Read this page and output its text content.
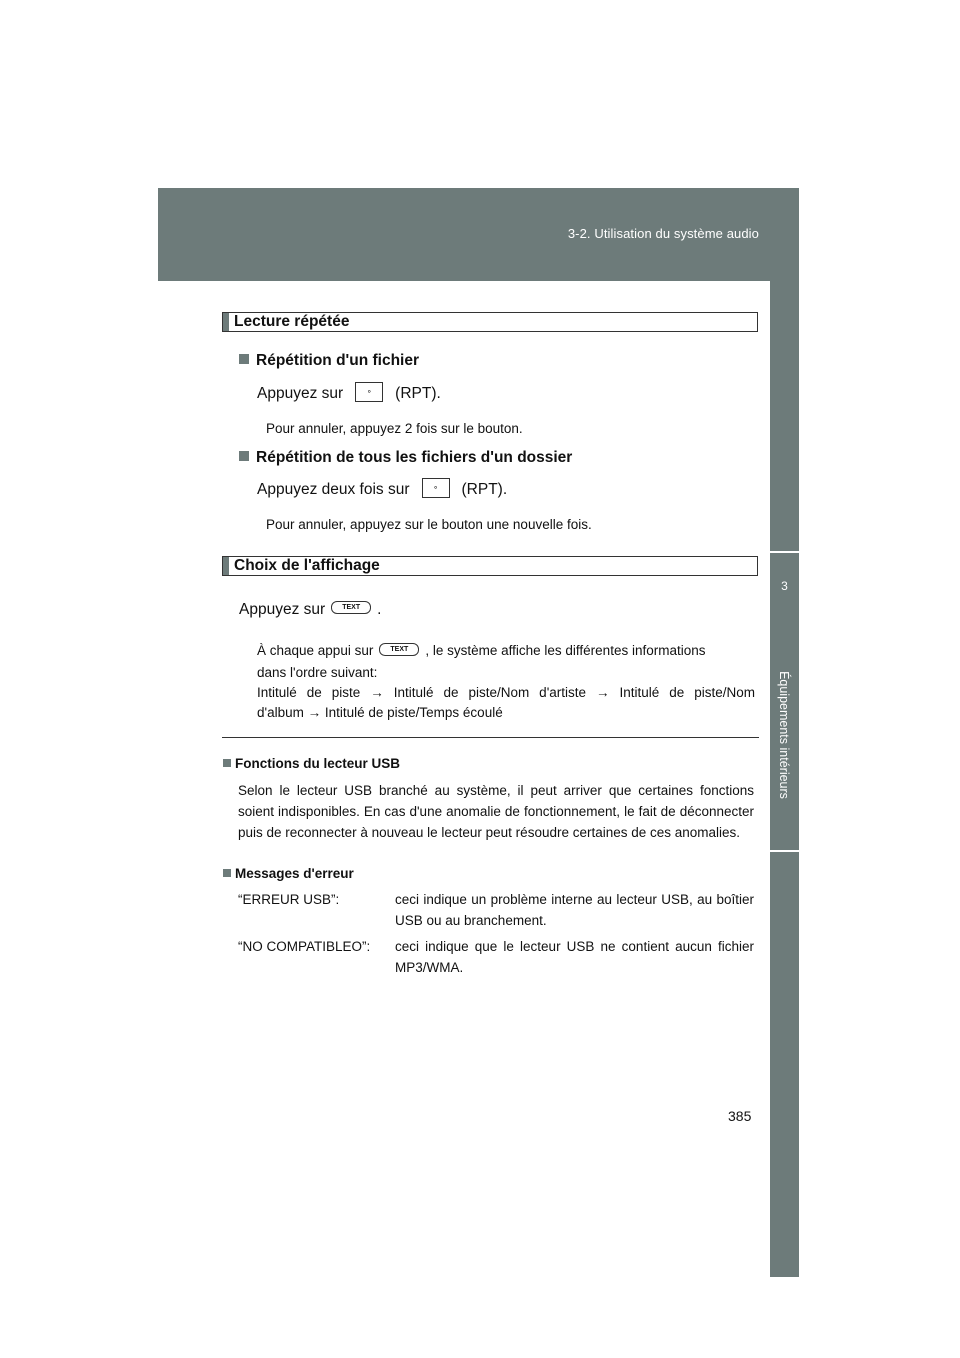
3-2. Utilisation du système audio
3
Équipements intérieurs
Lecture répétée
Répétition d'un fichier
Appuyez sur	∘ (RPT).
Pour annuler, appuyez 2 fois sur le bouton.
Répétition de tous les fichiers d'un dossier
Appuyez deux fois sur	∘ (RPT).
Pour annuler, appuyez sur le bouton une nouvelle fois.
Choix de l'affichage
Appuyez sur TEXT .
À chaque appui sur TEXT , le système affiche les différentes informations
dans l'ordre suivant:
Intitulé de piste → Intitulé de piste/Nom d'artiste → Intitulé de piste/Nom
d'album → Intitulé de piste/Temps écoulé
Fonctions du lecteur USB
Selon le lecteur USB branché au système, il peut arriver que certaines fonctions soient indisponibles. En cas d'une anomalie de fonctionnement, le fait de déconnecter puis de reconnecter à nouveau le lecteur peut résoudre certaines de ces anomalies.
Messages d'erreur
“ERREUR USB”:	ceci indique un problème interne au lecteur USB, au boîtier USB ou au branchement.
“NO COMPATIBLEO”: ceci indique que le lecteur USB ne contient aucun fichier MP3/WMA.
385
